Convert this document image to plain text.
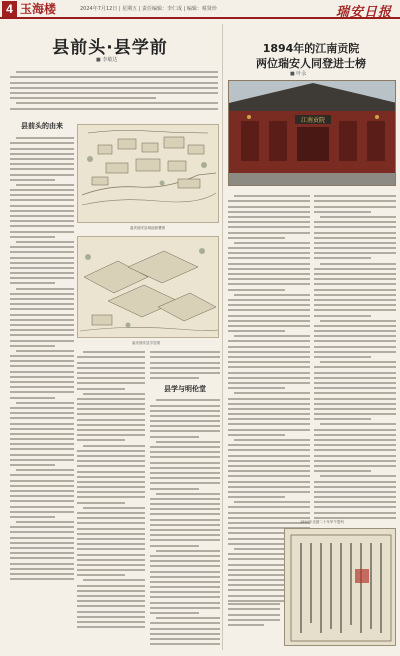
4 玉海楼	2024年7月12日 | 星期五 | 责任编辑：李仁成 | 编辑：蔡贤珍	瑞安日报
县前头·县学前
■ 李敏达
县前头的由来
嘉庆瑞安县城池衙署图
嘉庆瑞安县学宫图
县学与明伦堂
1894年的江南贡院
两位瑞安人同登进士榜
■ 叶永
江南贡院
1894年光绪二十年甲午恩科
